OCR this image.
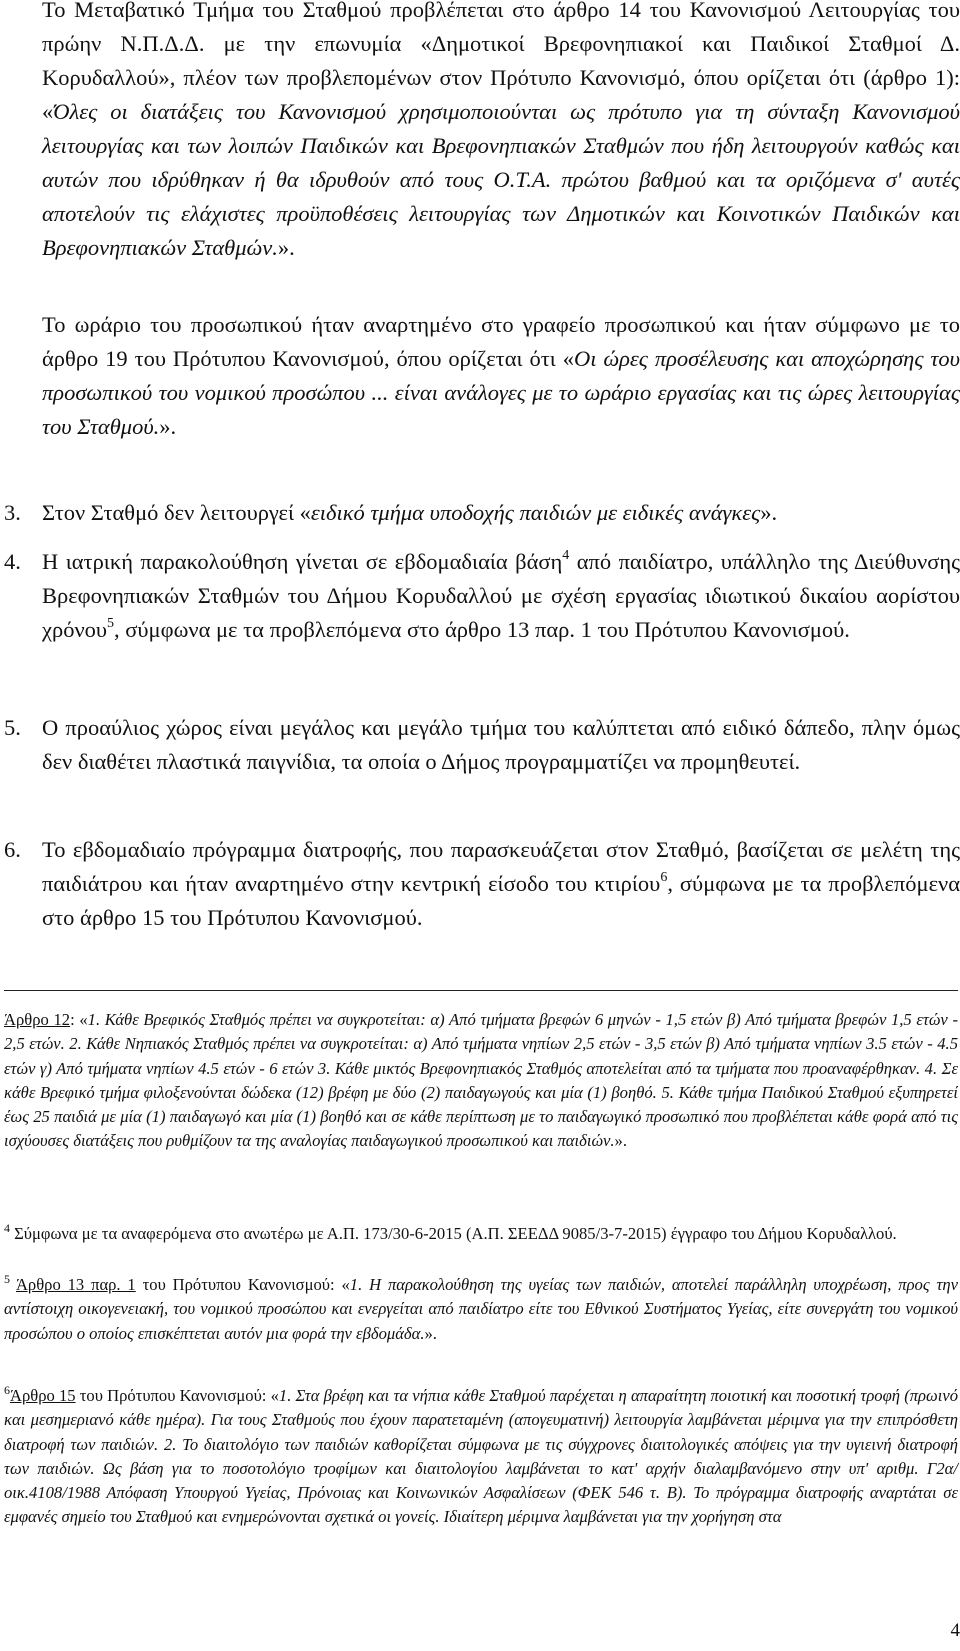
Το Μεταβατικό Τμήμα του Σταθμού προβλέπεται στο άρθρο 14 του Κανονισμού Λειτουργίας του πρώην Ν.Π.Δ.Δ. με την επωνυμία «Δημοτικοί Βρεφονηπιακοί και Παιδικοί Σταθμοί Δ. Κορυδαλλού», πλέον των προβλεπομένων στον Πρότυπο Κανονισμό, όπου ορίζεται ότι (άρθρο 1): «Όλες οι διατάξεις του Κανονισμού χρησιμοποιούνται ως πρότυπο για τη σύνταξη Κανονισμού λειτουργίας και των λοιπών Παιδικών και Βρεφονηπιακών Σταθμών που ήδη λειτουργούν καθώς και αυτών που ιδρύθηκαν ή θα ιδρυθούν από τους Ο.Τ.Α. πρώτου βαθμού και τα οριζόμενα σ' αυτές αποτελούν τις ελάχιστες προϋποθέσεις λειτουργίας των Δημοτικών και Κοινοτικών Παιδικών και Βρεφονηπιακών Σταθμών.».

Το ωράριο του προσωπικού ήταν αναρτημένο στο γραφείο προσωπικού και ήταν σύμφωνο με το άρθρο 19 του Πρότυπου Κανονισμού, όπου ορίζεται ότι «Οι ώρες προσέλευσης και αποχώρησης του προσωπικού του νομικού προσώπου ... είναι ανάλογες με το ωράριο εργασίας και τις ώρες λειτουργίας του Σταθμού.».

3. Στον Σταθμό δεν λειτουργεί «ειδικό τμήμα υποδοχής παιδιών με ειδικές ανάγκες».
4. Η ιατρική παρακολούθηση γίνεται σε εβδομαδιαία βάση$^4$ από παιδίατρο, υπάλληλο της Διεύθυνσης Βρεφονηπιακών Σταθμών του Δήμου Κορυδαλλού με σχέση εργασίας ιδιωτικού δικαίου αορίστου χρόνου$^5$, σύμφωνα με τα προβλεπόμενα στο άρθρο 13 παρ. 1 του Πρότυπου Κανονισμού.
5. Ο προαύλιος χώρος είναι μεγάλος και μεγάλο τμήμα του καλύπτεται από ειδικό δάπεδο, πλην όμως δεν διαθέτει πλαστικά παιγνίδια, τα οποία ο Δήμος προγραμματίζει να προμηθευτεί.
6. Το εβδομαδιαίο πρόγραμμα διατροφής, που παρασκευάζεται στον Σταθμό, βασίζεται σε μελέτη της παιδιάτρου και ήταν αναρτημένο στην κεντρική είσοδο του κτιρίου$^6$, σύμφωνα με τα προβλεπόμενα στο άρθρο 15 του Πρότυπου Κανονισμού.

Άρθρο 12: «1. Κάθε Βρεφικός Σταθμός πρέπει να συγκροτείται: α) Από τμήματα βρεφών 6 μηνών - 1,5 ετών β) Από τμήματα βρεφών 1,5 ετών - 2,5 ετών. 2. Κάθε Νηπιακός Σταθμός πρέπει να συγκροτείται: α) Από τμήματα νηπίων 2,5 ετών - 3,5 ετών β) Από τμήματα νηπίων 3.5 ετών - 4.5 ετών γ) Από τμήματα νηπίων 4.5 ετών - 6 ετών 3. Κάθε μικτός Βρεφονηπιακός Σταθμός αποτελείται από τα τμήματα που προαναφέρθηκαν. 4. Σε κάθε Βρεφικό τμήμα φιλοξενούνται δώδεκα (12) βρέφη με δύο (2) παιδαγωγούς και μία (1) βοηθό. 5. Κάθε τμήμα Παιδικού Σταθμού εξυπηρετεί έως 25 παιδιά με μία (1) παιδαγωγό και μία (1) βοηθό και σε κάθε περίπτωση με το παιδαγωγικό προσωπικό που προβλέπεται κάθε φορά από τις ισχύουσες διατάξεις που ρυθμίζουν τα της αναλογίας παιδαγωγικού προσωπικού και παιδιών.».

$^4$ Σύμφωνα με τα αναφερόμενα στο ανωτέρω με Α.Π. 173/30-6-2015 (Α.Π. ΣΕΕΔΔ 9085/3-7-2015) έγγραφο του Δήμου Κορυδαλλού.

$^5$ Άρθρο 13 παρ. 1 του Πρότυπου Κανονισμού: «1. Η παρακολούθηση της υγείας των παιδιών, αποτελεί παράλληλη υποχρέωση, προς την αντίστοιχη οικογενειακή, του νομικού προσώπου και ενεργείται από παιδίατρο είτε του Εθνικού Συστήματος Υγείας, είτε συνεργάτη του νομικού προσώπου ο οποίος επισκέπτεται αυτόν μια φορά την εβδομάδα.».

$^6$Άρθρο 15 του Πρότυπου Κανονισμού: «1. Στα βρέφη και τα νήπια κάθε Σταθμού παρέχεται η απαραίτητη ποιοτική και ποσοτική τροφή (πρωινό και μεσημεριανό κάθε ημέρα). Για τους Σταθμούς που έχουν παρατεταμένη (απογευματινή) λειτουργία λαμβάνεται μέριμνα για την επιπρόσθετη διατροφή των παιδιών. 2. Το διαιτολόγιο των παιδιών καθορίζεται σύμφωνα με τις σύγχρονες διαιτολογικές απόψεις για την υγιεινή διατροφή των παιδιών. Ως βάση για το ποσοτολόγιο τροφίμων και διαιτολογίου λαμβάνεται το κατ' αρχήν διαλαμβανόμενο στην υπ' αριθμ. Γ2α/οικ.4108/1988 Απόφαση Υπουργού Υγείας, Πρόνοιας και Κοινωνικών Ασφαλίσεων (ΦΕΚ 546 τ. Β). Το πρόγραμμα διατροφής αναρτάται σε εμφανές σημείο του Σταθμού και ενημερώνονται σχετικά οι γονείς. Ιδιαίτερη μέριμνα λαμβάνεται για την χορήγηση στα

4
